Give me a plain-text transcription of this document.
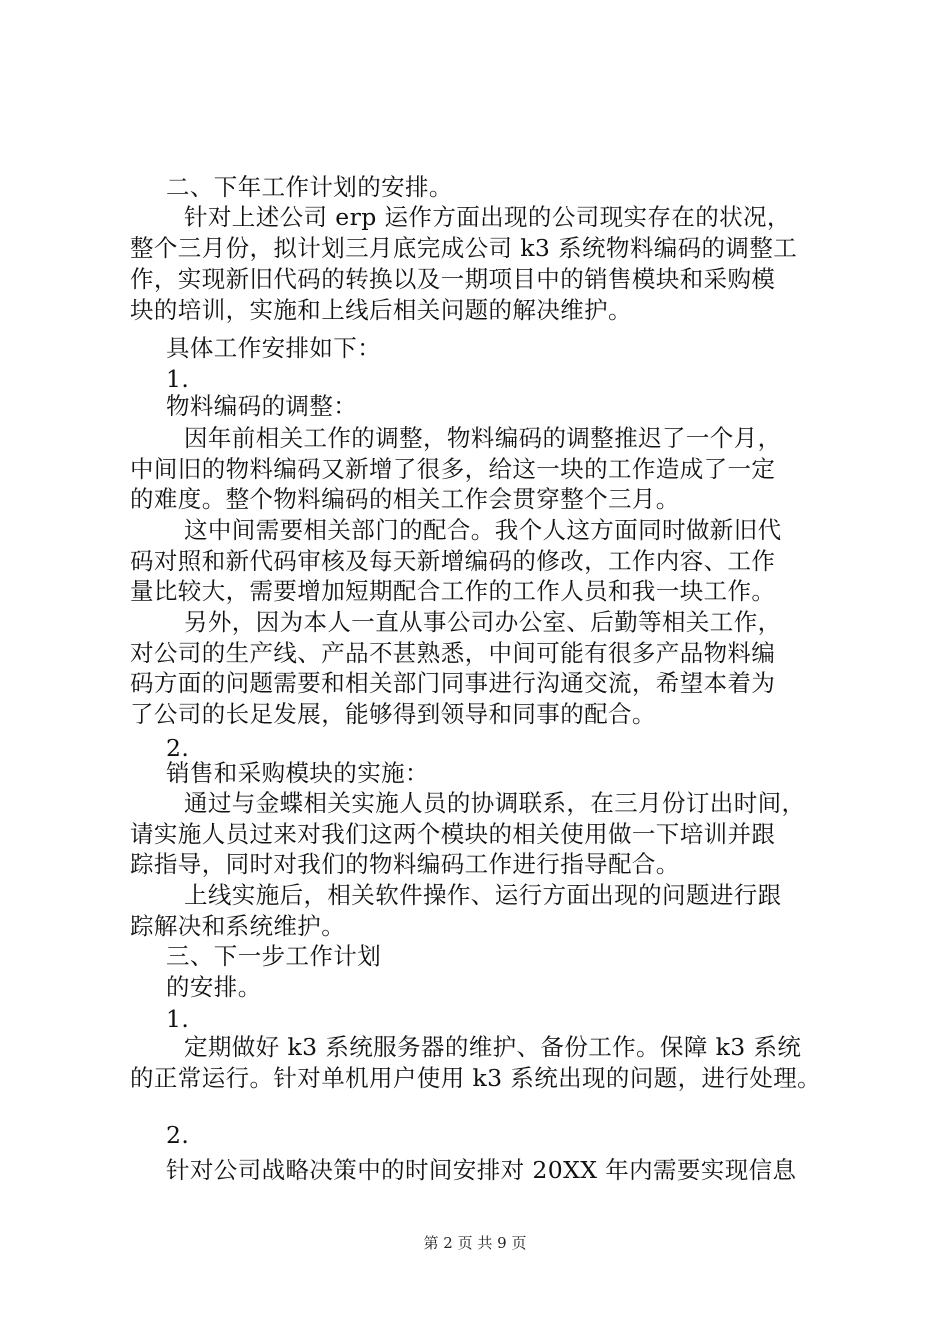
二、下年工作计划的安排。
针对上述公司 erp 运作方面出现的公司现实存在的状况，
整个三月份，拟计划三月底完成公司 k3 系统物料编码的调整工
作，实现新旧代码的转换以及一期项目中的销售模块和采购模
块的培训，实施和上线后相关问题的解决维护。
具体工作安排如下：
1.
物料编码的调整：
因年前相关工作的调整，物料编码的调整推迟了一个月，
中间旧的物料编码又新增了很多，给这一块的工作造成了一定
的难度。整个物料编码的相关工作会贯穿整个三月。
这中间需要相关部门的配合。我个人这方面同时做新旧代
码对照和新代码审核及每天新增编码的修改，工作内容、工作
量比较大，需要增加短期配合工作的工作人员和我一块工作。
另外，因为本人一直从事公司办公室、后勤等相关工作，
对公司的生产线、产品不甚熟悉，中间可能有很多产品物料编
码方面的问题需要和相关部门同事进行沟通交流，希望本着为
了公司的长足发展，能够得到领导和同事的配合。
2.
销售和采购模块的实施：
通过与金蝶相关实施人员的协调联系，在三月份订出时间，
请实施人员过来对我们这两个模块的相关使用做一下培训并跟
踪指导，同时对我们的物料编码工作进行指导配合。
上线实施后，相关软件操作、运行方面出现的问题进行跟
踪解决和系统维护。
三、下一步工作计划
的安排。
1.
定期做好 k3 系统服务器的维护、备份工作。保障 k3 系统
的正常运行。针对单机用户使用 k3 系统出现的问题，进行处理。
2.
针对公司战略决策中的时间安排对 20XX 年内需要实现信息
第 2 页 共 9 页
